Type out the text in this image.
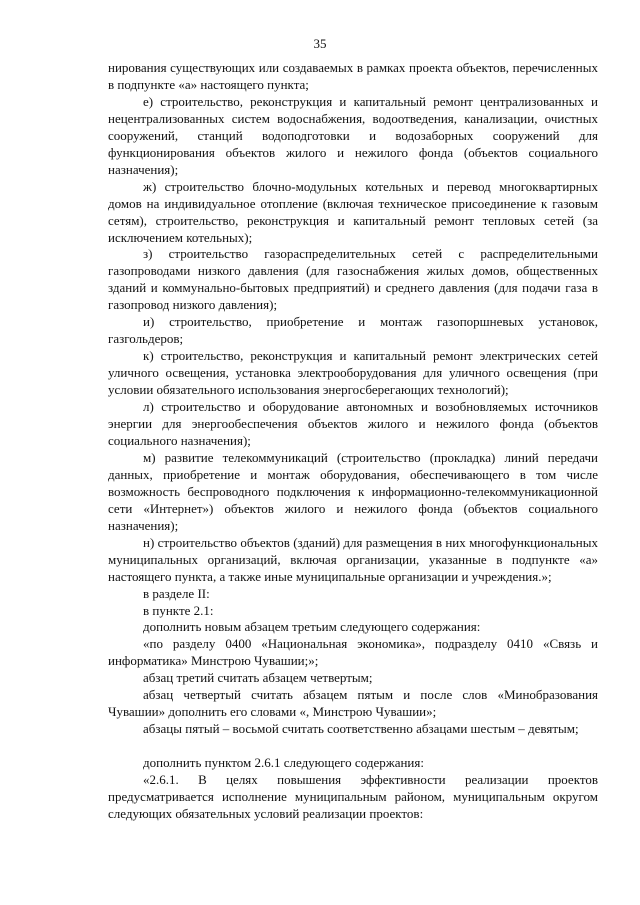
35

нирования существующих или создаваемых в рамках проекта объектов, перечисленных в подпункте «а» настоящего пункта;

е) строительство, реконструкция и капитальный ремонт централизованных и нецентрализованных систем водоснабжения, водоотведения, канализации, очистных сооружений, станций водоподготовки и водозаборных сооружений для функционирования объектов жилого и нежилого фонда (объектов социального назначения);

ж) строительство блочно-модульных котельных и перевод многоквартирных домов на индивидуальное отопление (включая техническое присоединение к газовым сетям), строительство, реконструкция и капитальный ремонт тепловых сетей (за исключением котельных);

з) строительство газораспределительных сетей с распределительными газопроводами низкого давления (для газоснабжения жилых домов, общественных зданий и коммунально-бытовых предприятий) и среднего давления (для подачи газа в газопровод низкого давления);

и) строительство, приобретение и монтаж газопоршневых установок, газгольдеров;

к) строительство, реконструкция и капитальный ремонт электрических сетей уличного освещения, установка электрооборудования для уличного освещения (при условии обязательного использования энергосберегающих технологий);

л) строительство и оборудование автономных и возобновляемых источников энергии для энергообеспечения объектов жилого и нежилого фонда (объектов социального назначения);

м) развитие телекоммуникаций (строительство (прокладка) линий передачи данных, приобретение и монтаж оборудования, обеспечивающего в том числе возможность беспроводного подключения к информационно-телекоммуникационной сети «Интернет») объектов жилого и нежилого фонда (объектов социального назначения);

н) строительство объектов (зданий) для размещения в них многофункциональных муниципальных организаций, включая организации, указанные в подпункте «а» настоящего пункта, а также иные муниципальные организации и учреждения.»;

в разделе II:

в пункте 2.1:

дополнить новым абзацем третьим следующего содержания:

«по разделу 0400 «Национальная экономика», подразделу 0410 «Связь и информатика» Минстрою Чувашии;»;

абзац третий считать абзацем четвертым;

абзац четвертый считать абзацем пятым и после слов «Минобразования Чувашии» дополнить его словами «, Минстрою Чувашии»;

абзацы пятый – восьмой считать соответственно абзацами шестым – девятым;

дополнить пунктом 2.6.1 следующего содержания:

«2.6.1. В целях повышения эффективности реализации проектов предусматривается исполнение муниципальным районом, муниципальным округом следующих обязательных условий реализации проектов:
